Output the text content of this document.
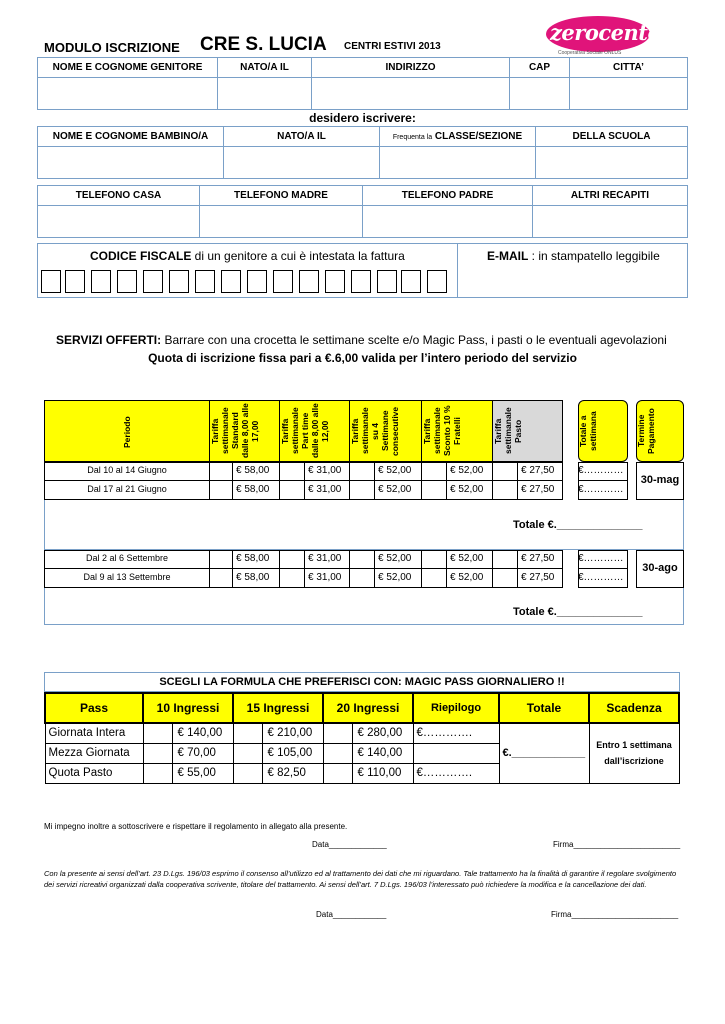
MODULO ISCRIZIONE CRE S. LUCIA CENTRI ESTIVI 2013
zerocento
Cooperativa Sociale ONLUS
NOME E COGNOME GENITORE	NATO/A IL	INDIRIZZO	CAP	CITTA’

desidero iscrivere:
NOME E COGNOME BAMBINO/A	NATO/A IL	Frequenta la CLASSE/SEZIONE	DELLA SCUOLA

TELEFONO CASA	TELEFONO MADRE	TELEFONO PADRE	ALTRI RECAPITI

CODICE FISCALE di un genitore a cui è intestata la fattura	E-MAIL : in stampatello leggibile
SERVIZI OFFERTI: Barrare con una crocetta le settimane scelte e/o Magic Pass, i pasti o le eventuali agevolazioni
Quota di iscrizione fissa pari a €.6,00 valida per l’intero periodo del servizio
Periodo	Tariffa settimanale Standard dalle 8,00 alle 17,00	Tariffa settimanale Part time dalle 8,00 alle 12,00	Tariffa settimanale su 4 Settimane consecutive	Tariffa settimanale Sconto 10 % Fratelli	Tariffa settimanale Pasto	Totale a settimana	Termine Pagamento
Dal 10 al 14 Giugno	€ 58,00	€ 31,00	€ 52,00	€ 52,00	€ 27,50 €…………
Dal 17 al 21 Giugno	€ 58,00	€ 31,00	€ 52,00	€ 52,00	€ 27,50 €…………
30-mag
Totale €.______________
Dal 2 al 6 Settembre	€ 58,00	€ 31,00	€ 52,00	€ 52,00	€ 27,50 €…………
Dal 9 al 13 Settembre	€ 58,00	€ 31,00	€ 52,00	€ 52,00	€ 27,50 €…………
30-ago
Totale €.______________
SCEGLI LA FORMULA CHE PREFERISCI CON: MAGIC PASS GIORNALIERO !!
Pass	10 Ingressi	15 Ingressi	20 Ingressi	Riepilogo	Totale	Scadenza
Giornata Intera	€ 140,00	€ 210,00	€ 280,00	€………….	€.____________	Entro 1 settimana dall’iscrizione
Mezza Giornata	€ 70,00	€ 105,00	€ 140,00		

Quota Pasto	€ 55,00	€ 82,50	€ 110,00	€………….		
Mi impegno inoltre a sottoscrivere e rispettare il regolamento in allegato alla presente.
Data_____________	Firma________________________
Con la presente ai sensi dell’art. 23 D.Lgs. 196/03 esprimo il consenso all’utilizzo ed al trattamento dei dati che mi riguardano. Tale trattamento ha la finalità di garantire il regolare svolgimento dei servizi ricreativi organizzati dalla cooperativa scrivente, titolare del trattamento. Ai sensi dell’art. 7 D.Lgs. 196/03 l’interessato può richiedere la modifica e la cancellazione dei dati.
Data____________	Firma________________________
